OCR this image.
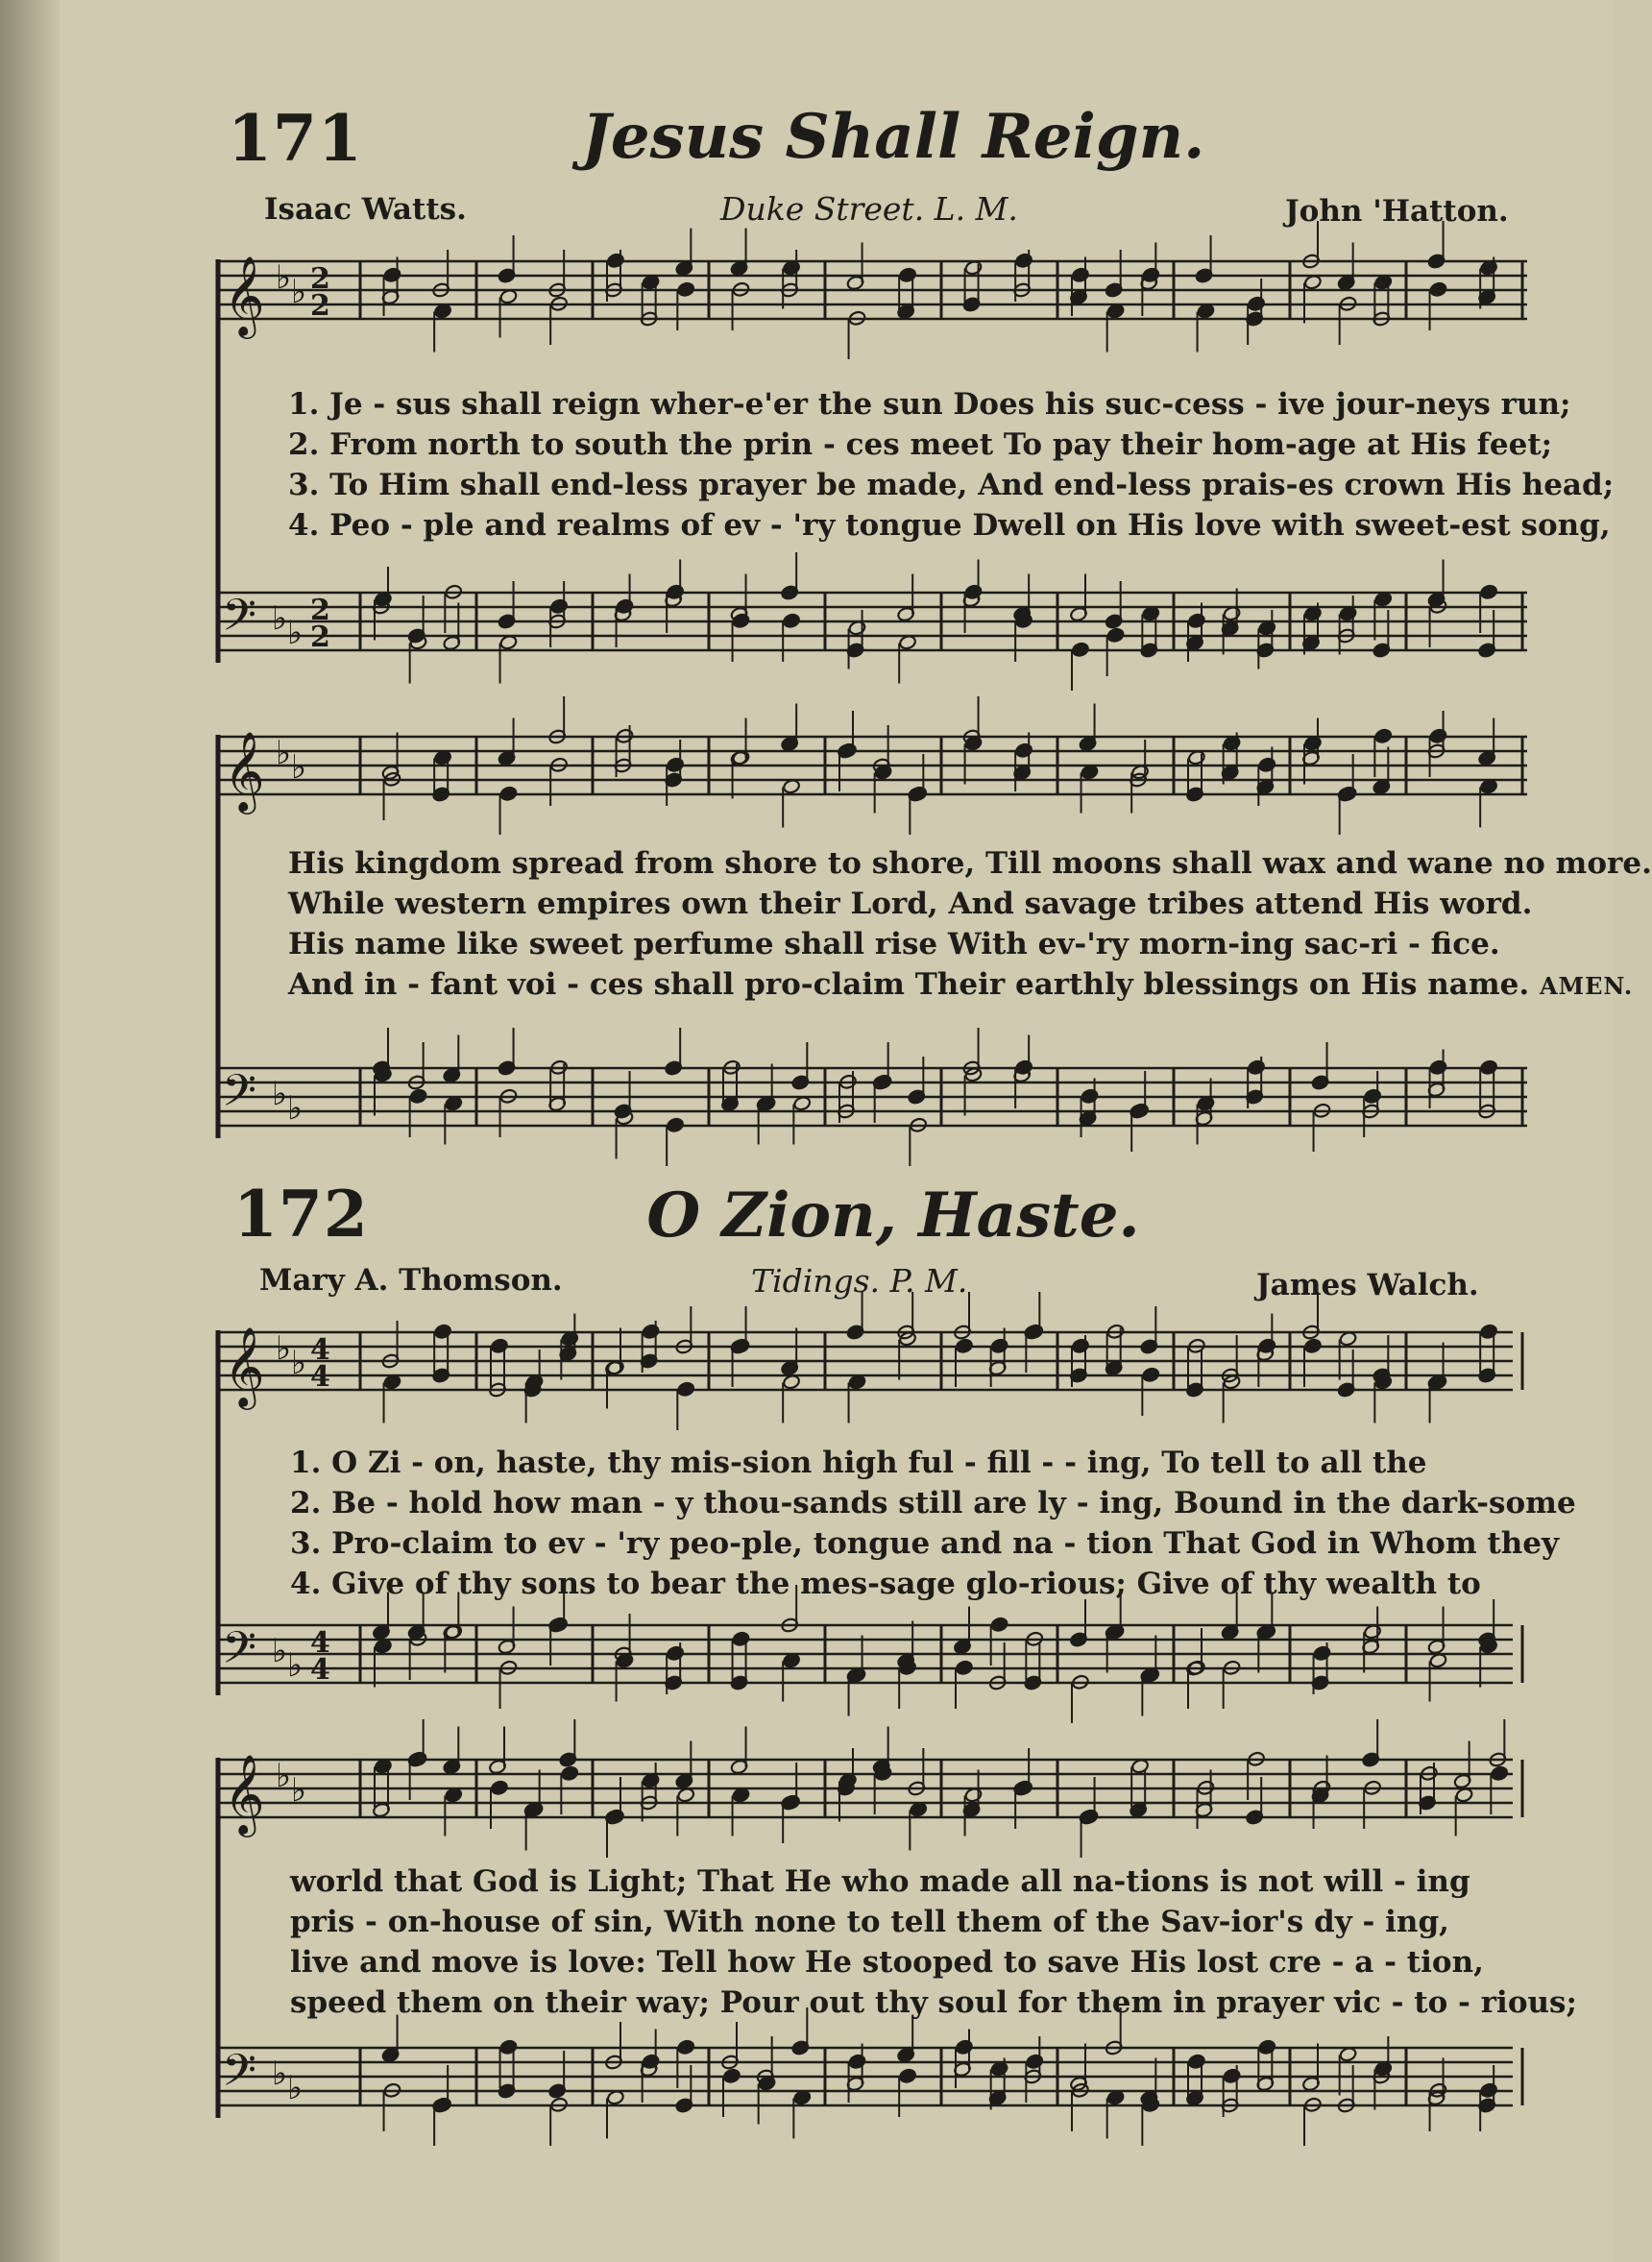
171	Jesus Shall Reign.
Isaac Watts.	Duke Street. L. M.	John 'Hatton.
𝄞 ♭ ♭ 2
2
1. Je - sus shall reign wher-e'er the sun Does his suc-cess - ive jour-neys run;
2. From north to south the prin - ces meet To pay their hom-age at His feet;
3. To Him shall end-less prayer be made, And end-less prais-es crown His head;
4. Peo - ple and realms of ev - 'ry tongue Dwell on His love with sweet-est song,
𝄢 ♭ ♭
2
2
𝄞 ♭ ♭
His kingdom spread from shore to shore, Till moons shall wax and wane no more.
While western empires own their Lord, And savage tribes attend His word.
His name like sweet perfume shall rise With ev-'ry morn-ing sac-ri - fice.
And in - fant voi - ces shall pro-claim Their earthly blessings on His name. AMEN.
𝄢 ♭ ♭
172	O Zion, Haste.
Mary A. Thomson.	Tidings. P. M.	James Walch.
𝄞 ♭ ♭ 4
4
1. O Zi - on, haste, thy mis-sion high ful - fill - - ing, To tell to all the
2. Be - hold how man - y thou-sands still are ly - ing, Bound in the dark-some
3. Pro-claim to ev - 'ry peo-ple, tongue and na - tion That God in Whom they
4. Give of thy sons to bear the mes-sage glo-rious; Give of thy wealth to
𝄢 ♭ ♭
4
4
𝄞 ♭ ♭
world that God is Light; That He who made all na-tions is not will - ing
pris - on-house of sin, With none to tell them of the Sav-ior's dy - ing,
live and move is love: Tell how He stooped to save His lost cre - a - tion,
speed them on their way; Pour out thy soul for them in prayer vic - to - rious;
𝄢 ♭ ♭
